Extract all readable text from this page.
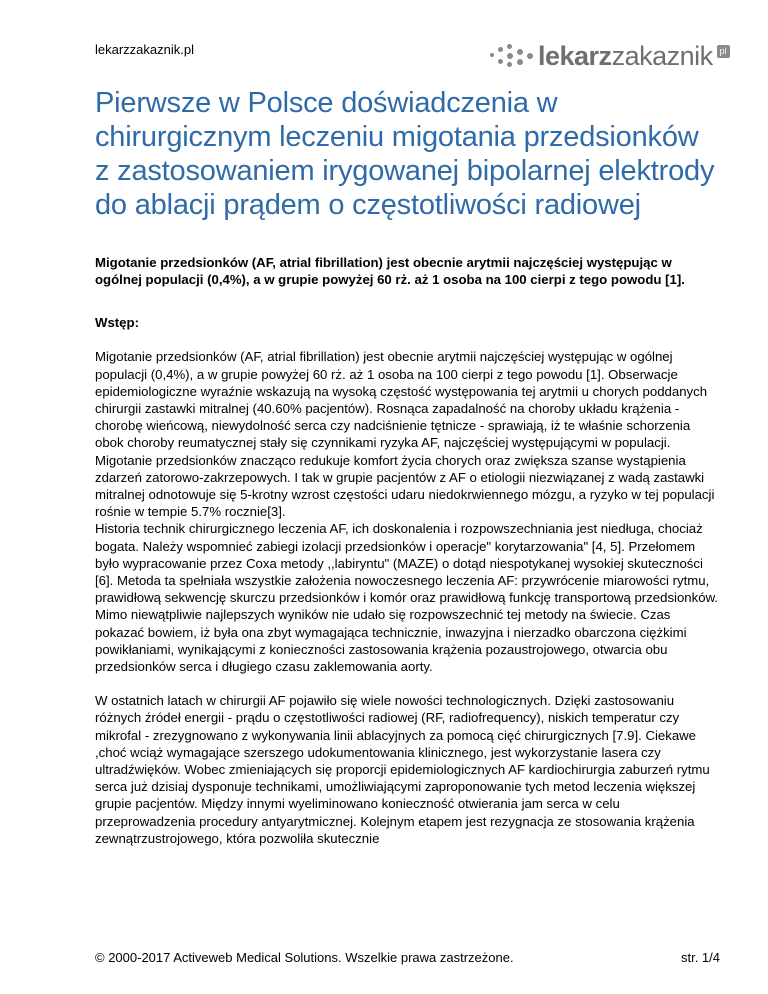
lekarzzakaznik.pl	lekarzzakaznik pl
Pierwsze w Polsce doświadczenia w chirurgicznym leczeniu migotania przedsionków z zastosowaniem irygowanej bipolarnej elektrody do ablacji prądem o częstotliwości radiowej

Migotanie przedsionków (AF, atrial fibrillation) jest obecnie arytmii najczęściej występując w ogólnej populacji (0,4%), a w grupie powyżej 60 rż. aż 1 osoba na 100 cierpi z tego powodu [1].

Wstęp:

Migotanie przedsionków (AF, atrial fibrillation) jest obecnie arytmii najczęściej występując w ogólnej populacji (0,4%), a w grupie powyżej 60 rż. aż 1 osoba na 100 cierpi z tego powodu [1]. Obserwacje epidemiologiczne wyraźnie wskazują na wysoką częstość występowania tej arytmii u chorych poddanych chirurgii zastawki mitralnej (40.60% pacjentów). Rosnąca zapadalność na choroby układu krążenia - chorobę wieńcową, niewydolność serca czy nadciśnienie tętnicze - sprawiają, iż te właśnie schorzenia obok choroby reumatycznej stały się czynnikami ryzyka AF, najczęściej występującymi w populacji. Migotanie przedsionków znacząco redukuje komfort życia chorych oraz zwiększa szanse wystąpienia zdarzeń zatorowo-zakrzepowych. I tak w grupie pacjentów z AF o etiologii niezwiązanej z wadą zastawki mitralnej odnotowuje się 5-krotny wzrost częstości udaru niedokrwiennego mózgu, a ryzyko w tej populacji rośnie w tempie 5.7% rocznie[3].

Historia technik chirurgicznego leczenia AF, ich doskonalenia i rozpowszechniania jest niedługa, chociaż bogata. Należy wspomnieć zabiegi izolacji przedsionków i operacje" korytarzowania" [4, 5]. Przełomem było wypracowanie przez Coxa metody ,,labiryntu" (MAZE) o dotąd niespotykanej wysokiej skuteczności [6]. Metoda ta spełniała wszystkie założenia nowoczesnego leczenia AF: przywrócenie miarowości rytmu, prawidłową sekwencję skurczu przedsionków i komór oraz prawidłową funkcję transportową przedsionków.

Mimo niewątpliwie najlepszych wyników nie udało się rozpowszechnić tej metody na świecie. Czas pokazać bowiem, iż była ona zbyt wymagająca technicznie, inwazyjna i nierzadko obarczona ciężkimi powikłaniami, wynikającymi z konieczności zastosowania krążenia pozaustrojowego, otwarcia obu przedsionków serca i długiego czasu zaklemowania aorty.

W ostatnich latach w chirurgii AF pojawiło się wiele nowości technologicznych. Dzięki zastosowaniu różnych źródeł energii - prądu o częstotliwości radiowej (RF, radiofrequency), niskich temperatur czy mikrofal - zrezygnowano z wykonywania linii ablacyjnych za pomocą cięć chirurgicznych [7.9]. Ciekawe ,choć wciąż wymagające szerszego udokumentowania klinicznego, jest wykorzystanie lasera czy ultradźwięków. Wobec zmieniających się proporcji epidemiologicznych AF kardiochirurgia zaburzeń rytmu serca już dzisiaj dysponuje technikami, umożliwiającymi zaproponowanie tych metod leczenia większej grupie pacjentów. Między innymi wyeliminowano konieczność otwierania jam serca w celu przeprowadzenia procedury antyarytmicznej. Kolejnym etapem jest rezygnacja ze stosowania krążenia zewnątrzustrojowego, która pozwoliła skutecznie

© 2000-2017 Activeweb Medical Solutions. Wszelkie prawa zastrzeżone.	str. 1/4
